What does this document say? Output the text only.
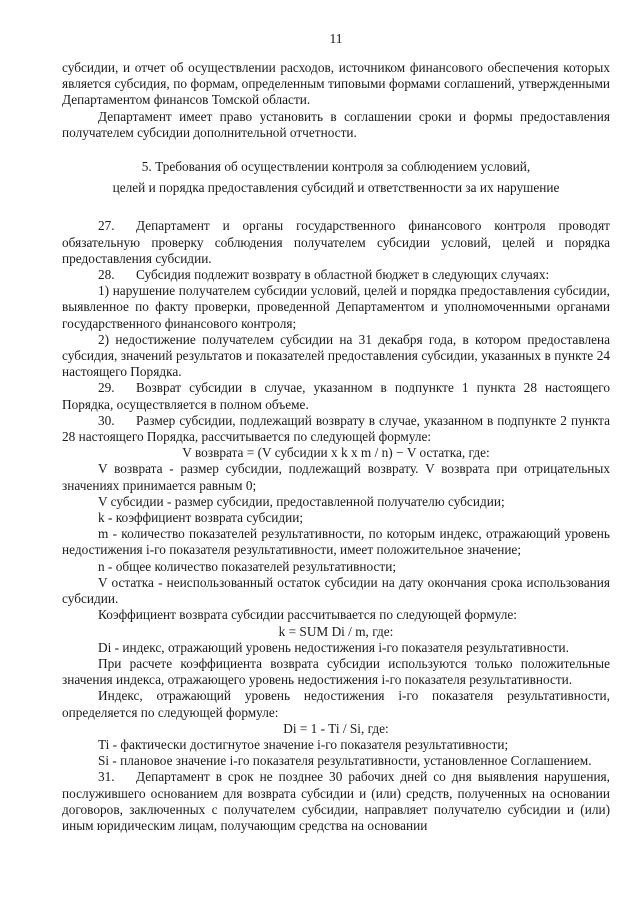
11

субсидии, и отчет об осуществлении расходов, источником финансового обеспечения которых является субсидия, по формам, определенным типовыми формами соглашений, утвержденными Департаментом финансов Томской области.

Департамент имеет право установить в соглашении сроки и формы предоставления получателем субсидии дополнительной отчетности.

5. Требования об осуществлении контроля за соблюдением условий,
целей и порядка предоставления субсидий и ответственности за их нарушение

27. Департамент и органы государственного финансового контроля проводят обязательную проверку соблюдения получателем субсидии условий, целей и порядка предоставления субсидии.

28. Субсидия подлежит возврату в областной бюджет в следующих случаях:

1) нарушение получателем субсидии условий, целей и порядка предоставления субсидии, выявленное по факту проверки, проведенной Департаментом и уполномоченными органами государственного финансового контроля;

2) недостижение получателем субсидии на 31 декабря года, в котором предоставлена субсидия, значений результатов и показателей предоставления субсидии, указанных в пункте 24 настоящего Порядка.

29. Возврат субсидии в случае, указанном в подпункте 1 пункта 28 настоящего Порядка, осуществляется в полном объеме.

30. Размер субсидии, подлежащий возврату в случае, указанном в подпункте 2 пункта 28 настоящего Порядка, рассчитывается по следующей формуле:

V возврата = (V субсидии x k x m / n) − V остатка, где:

V возврата - размер субсидии, подлежащий возврату. V возврата при отрицательных значениях принимается равным 0;

V субсидии - размер субсидии, предоставленной получателю субсидии;

k - коэффициент возврата субсидии;

m - количество показателей результативности, по которым индекс, отражающий уровень недостижения i-го показателя результативности, имеет положительное значение;

n - общее количество показателей результативности;

V остатка - неиспользованный остаток субсидии на дату окончания срока использования субсидии.

Коэффициент возврата субсидии рассчитывается по следующей формуле:

k = SUM Di / m, где:

Di - индекс, отражающий уровень недостижения i-го показателя результативности.

При расчете коэффициента возврата субсидии используются только положительные значения индекса, отражающего уровень недостижения i-го показателя результативности.

Индекс, отражающий уровень недостижения i-го показателя результативности, определяется по следующей формуле:

Di = 1 - Ti / Si, где:

Ti - фактически достигнутое значение i-го показателя результативности;

Si - плановое значение i-го показателя результативности, установленное Соглашением.

31. Департамент в срок не позднее 30 рабочих дней со дня выявления нарушения, послужившего основанием для возврата субсидии и (или) средств, полученных на основании договоров, заключенных с получателем субсидии, направляет получателю субсидии и (или) иным юридическим лицам, получающим средства на основании
